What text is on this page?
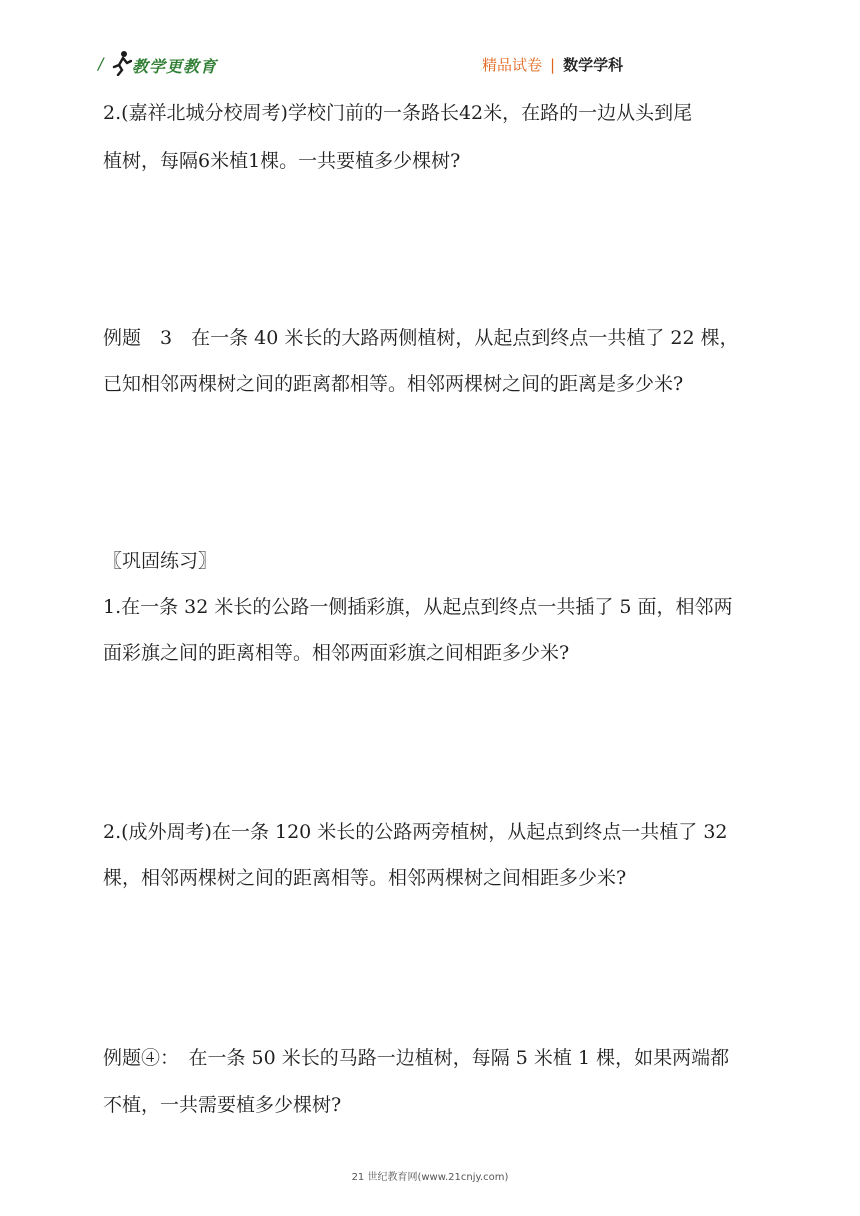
/ 教学更教育	精品试卷 | 数学学科
2.(嘉祥北城分校周考)学校门前的一条路长42米，在路的一边从头到尾
植树，每隔6米植1棵。一共要植多少棵树?
例题　3　在一条 40 米长的大路两侧植树，从起点到终点一共植了 22 棵，
已知相邻两棵树之间的距离都相等。相邻两棵树之间的距离是多少米?
〖巩固练习〗
1.在一条 32 米长的公路一侧插彩旗，从起点到终点一共插了 5 面，相邻两
面彩旗之间的距离相等。相邻两面彩旗之间相距多少米?
2.(成外周考)在一条 120 米长的公路两旁植树，从起点到终点一共植了 32
棵，相邻两棵树之间的距离相等。相邻两棵树之间相距多少米?
例题④：　在一条 50 米长的马路一边植树，每隔 5 米植 1 棵，如果两端都
不植，一共需要植多少棵树?
21 世纪教育网(www.21cnjy.com)
